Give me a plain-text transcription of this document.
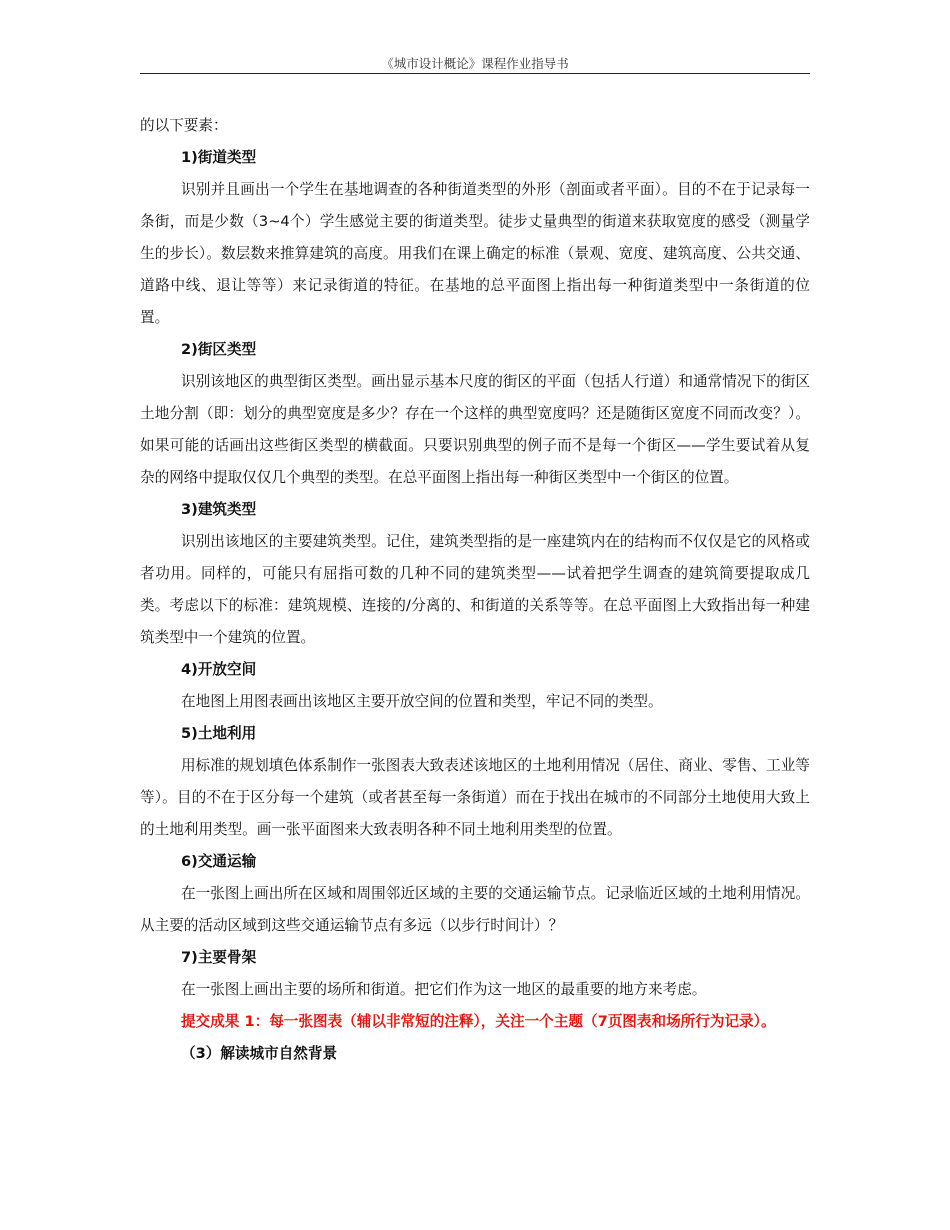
《城市设计概论》课程作业指导书

的以下要素：

1)街道类型

识别并且画出一个学生在基地调查的各种街道类型的外形（剖面或者平面）。目的不在于记录每一条街，而是少数（3~4个）学生感觉主要的街道类型。徒步丈量典型的街道来获取宽度的感受（测量学生的步长）。数层数来推算建筑的高度。用我们在课上确定的标准（景观、宽度、建筑高度、公共交通、道路中线、退让等等）来记录街道的特征。在基地的总平面图上指出每一种街道类型中一条街道的位置。

2)街区类型

识别该地区的典型街区类型。画出显示基本尺度的街区的平面（包括人行道）和通常情况下的街区土地分割（即：划分的典型宽度是多少？存在一个这样的典型宽度吗？还是随街区宽度不同而改变？）。如果可能的话画出这些街区类型的横截面。只要识别典型的例子而不是每一个街区——学生要试着从复杂的网络中提取仅仅几个典型的类型。在总平面图上指出每一种街区类型中一个街区的位置。

3)建筑类型

识别出该地区的主要建筑类型。记住，建筑类型指的是一座建筑内在的结构而不仅仅是它的风格或者功用。同样的，可能只有屈指可数的几种不同的建筑类型——试着把学生调查的建筑简要提取成几类。考虑以下的标准：建筑规模、连接的/分离的、和街道的关系等等。在总平面图上大致指出每一种建筑类型中一个建筑的位置。

4)开放空间

在地图上用图表画出该地区主要开放空间的位置和类型，牢记不同的类型。

5)土地利用

用标准的规划填色体系制作一张图表大致表述该地区的土地利用情况（居住、商业、零售、工业等等）。目的不在于区分每一个建筑（或者甚至每一条街道）而在于找出在城市的不同部分土地使用大致上的土地利用类型。画一张平面图来大致表明各种不同土地利用类型的位置。

6)交通运输

在一张图上画出所在区域和周围邻近区域的主要的交通运输节点。记录临近区域的土地利用情况。从主要的活动区域到这些交通运输节点有多远（以步行时间计）？

7)主要骨架

在一张图上画出主要的场所和街道。把它们作为这一地区的最重要的地方来考虑。

提交成果 1：每一张图表（辅以非常短的注释），关注一个主题（7页图表和场所行为记录）。

（3）解读城市自然背景
